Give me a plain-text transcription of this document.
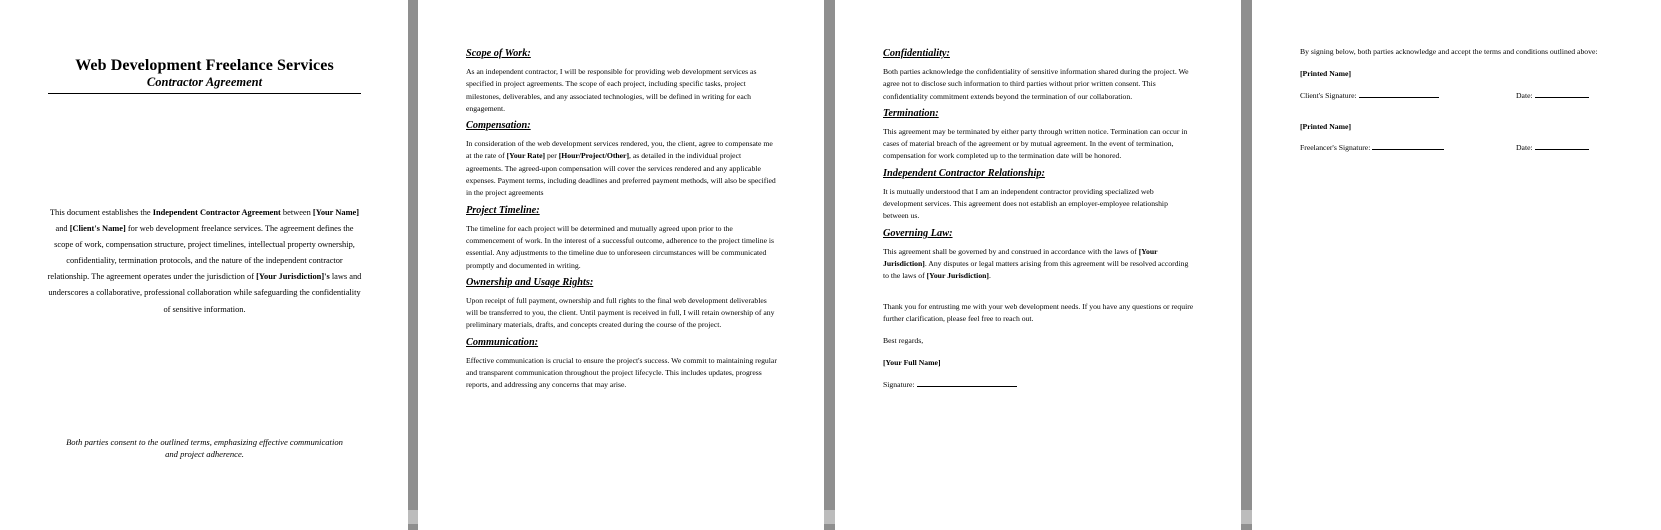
Web Development Freelance Services
Contractor Agreement
This document establishes the Independent Contractor Agreement between [Your Name] and [Client's Name] for web development freelance services. The agreement defines the scope of work, compensation structure, project timelines, intellectual property ownership, confidentiality, termination protocols, and the nature of the independent contractor relationship. The agreement operates under the jurisdiction of [Your Jurisdiction]'s laws and underscores a collaborative, professional collaboration while safeguarding the confidentiality of sensitive information.
Both parties consent to the outlined terms, emphasizing effective communication and project adherence.
Scope of Work:

As an independent contractor, I will be responsible for providing web development services as specified in project agreements. The scope of each project, including specific tasks, project milestones, deliverables, and any associated technologies, will be defined in writing for each engagement.

Compensation:

In consideration of the web development services rendered, you, the client, agree to compensate me at the rate of [Your Rate] per [Hour/Project/Other], as detailed in the individual project agreements. The agreed-upon compensation will cover the services rendered and any applicable expenses. Payment terms, including deadlines and preferred payment methods, will also be specified in the project agreements

Project Timeline:

The timeline for each project will be determined and mutually agreed upon prior to the commencement of work. In the interest of a successful outcome, adherence to the project timeline is essential. Any adjustments to the timeline due to unforeseen circumstances will be communicated promptly and documented in writing.

Ownership and Usage Rights:

Upon receipt of full payment, ownership and full rights to the final web development deliverables will be transferred to you, the client. Until payment is received in full, I will retain ownership of any preliminary materials, drafts, and concepts created during the course of the project.

Communication:

Effective communication is crucial to ensure the project's success. We commit to maintaining regular and transparent communication throughout the project lifecycle. This includes updates, progress reports, and addressing any concerns that may arise.

Confidentiality:

Both parties acknowledge the confidentiality of sensitive information shared during the project. We agree not to disclose such information to third parties without prior written consent. This confidentiality commitment extends beyond the termination of our collaboration.

Termination:

This agreement may be terminated by either party through written notice. Termination can occur in cases of material breach of the agreement or by mutual agreement. In the event of termination, compensation for work completed up to the termination date will be honored.

Independent Contractor Relationship:

It is mutually understood that I am an independent contractor providing specialized web development services. This agreement does not establish an employer-employee relationship between us.

Governing Law:

This agreement shall be governed by and construed in accordance with the laws of [Your Jurisdiction]. Any disputes or legal matters arising from this agreement will be resolved according to the laws of [Your Jurisdiction].

Thank you for entrusting me with your web development needs. If you have any questions or require further clarification, please feel free to reach out.

Best regards,

[Your Full Name]

Signature:

By signing below, both parties acknowledge and accept the terms and conditions outlined above:

[Printed Name]

Client's Signature:	Date:

[Printed Name]

Freelancer's Signature:	Date:
